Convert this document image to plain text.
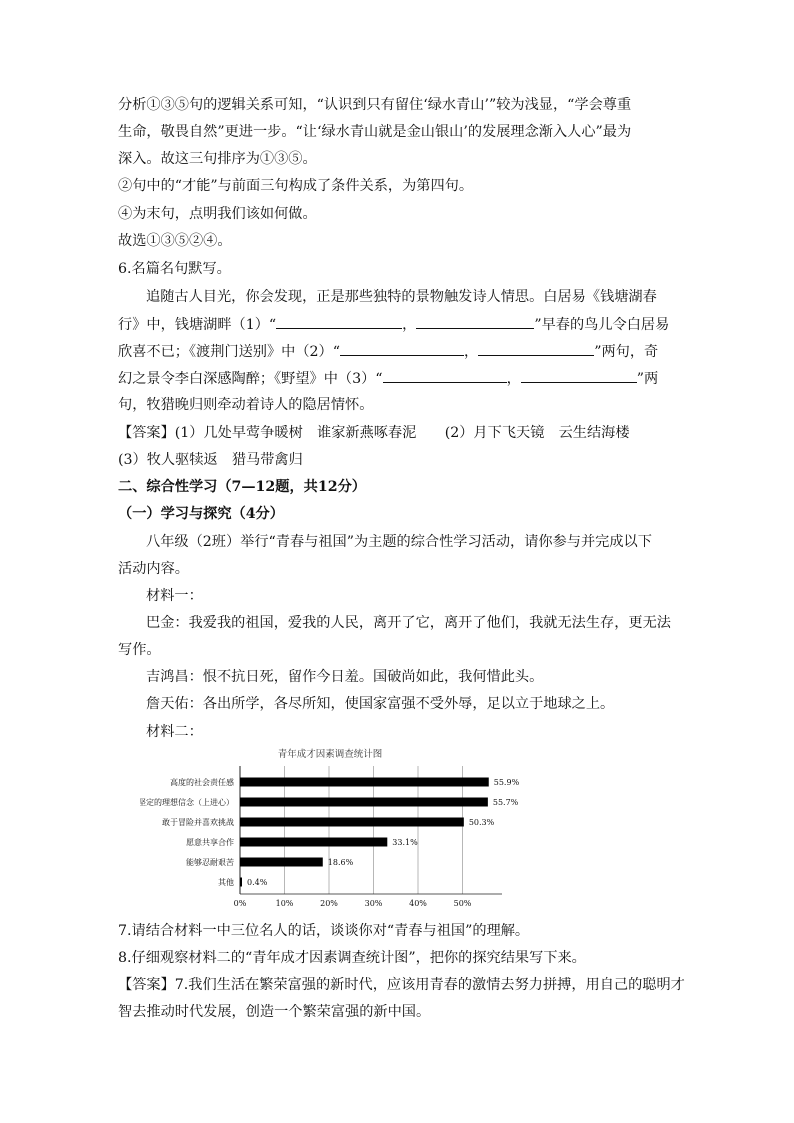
分析①③⑤句的逻辑关系可知，“认识到只有留住‘绿水青山’”较为浅显，“学会尊重
生命，敬畏自然”更进一步。“让‘绿水青山就是金山银山’的发展理念渐入人心”最为
深入。故这三句排序为①③⑤。
②句中的“才能”与前面三句构成了条件关系，为第四句。
④为末句，点明我们该如何做。
故选①③⑤②④。
6.名篇名句默写。
追随古人目光，你会发现，正是那些独特的景物触发诗人情思。白居易《钱塘湖春
行》中，钱塘湖畔（1）“	，	”早春的鸟儿令白居易
欣喜不已；《渡荆门送别》中（2）“	，	”两句，奇
幻之景令李白深感陶醉；《野望》中（3）“	，	”两
句，牧猎晚归则牵动着诗人的隐居情怀。
【答案】(1）几处早莺争暖树　谁家新燕啄春泥　　(2）月下飞天镜　云生结海楼
(3）牧人驱犊返　猎马带禽归
二、综合性学习（7—12题，共12分）
（一）学习与探究（4分）
八年级（2班）举行“青春与祖国”为主题的综合性学习活动，请你参与并完成以下
活动内容。
材料一：
巴金：我爱我的祖国，爱我的人民，离开了它，离开了他们，我就无法生存，更无法
写作。
吉鸿昌：恨不抗日死，留作今日羞。国破尚如此，我何惜此头。
詹天佑：各出所学，各尽所知，使国家富强不受外辱，足以立于地球之上。
材料二：
青年成才因素调查统计图
0%	10%	20%	30%	40%	50%
高度的社会责任感	55.9%
坚定的理想信念（上进心）	55.7%
敢于冒险并喜欢挑战	50.3%
愿意共享合作	33.1%
能够忍耐艰苦	18.6%
其他 0.4%
7.请结合材料一中三位名人的话，谈谈你对“青春与祖国”的理解。
8.仔细观察材料二的“青年成才因素调查统计图”，把你的探究结果写下来。
【答案】7.我们生活在繁荣富强的新时代，应该用青春的激情去努力拼搏，用自己的聪明才
智去推动时代发展，创造一个繁荣富强的新中国。
